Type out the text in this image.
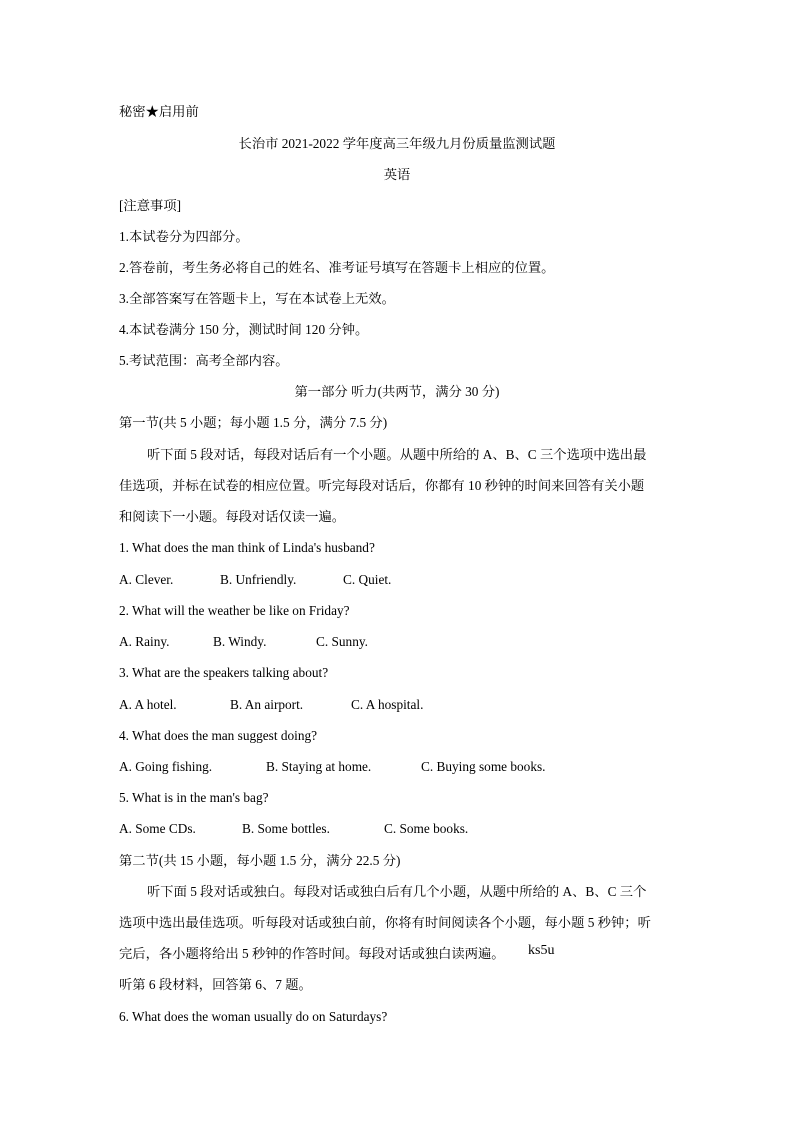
秘密★启用前
长治市 2021-2022 学年度高三年级九月份质量监测试题
英语
[注意事项]
1.本试卷分为四部分。
2.答卷前，考生务必将自己的姓名、准考证号填写在答题卡上相应的位置。
3.全部答案写在答题卡上，写在本试卷上无效。
4.本试卷满分 150 分，测试时间 120 分钟。
5.考试范围：高考全部内容。
第一部分 听力(共两节，满分 30 分)
第一节(共 5 小题；每小题 1.5 分，满分 7.5 分)
听下面 5 段对话，每段对话后有一个小题。从题中所给的 A、B、C 三个选项中选出最
佳选项，并标在试卷的相应位置。听完每段对话后，你都有 10 秒钟的时间来回答有关小题
和阅读下一小题。每段对话仅读一遍。
1. What does the man think of Linda's husband?
A. Clever.	B. Unfriendly.	C. Quiet.
2. What will the weather be like on Friday?
A. Rainy.	B. Windy.	C. Sunny.
3. What are the speakers talking about?
A. A hotel.	B. An airport.	C. A hospital.
4. What does the man suggest doing?
A. Going fishing.	B. Staying at home.	C. Buying some books.
5. What is in the man's bag?
A. Some CDs.	B. Some bottles.	C. Some books.
第二节(共 15 小题，每小题 1.5 分，满分 22.5 分)
听下面 5 段对话或独白。每段对话或独白后有几个小题，从题中所给的 A、B、C 三个
选项中选出最佳选项。听每段对话或独白前，你将有时间阅读各个小题，每小题 5 秒钟；听
完后，各小题将给出 5 秒钟的作答时间。每段对话或独白读两遍。 ks5u
听第 6 段材料，回答第 6、7 题。
6. What does the woman usually do on Saturdays?
